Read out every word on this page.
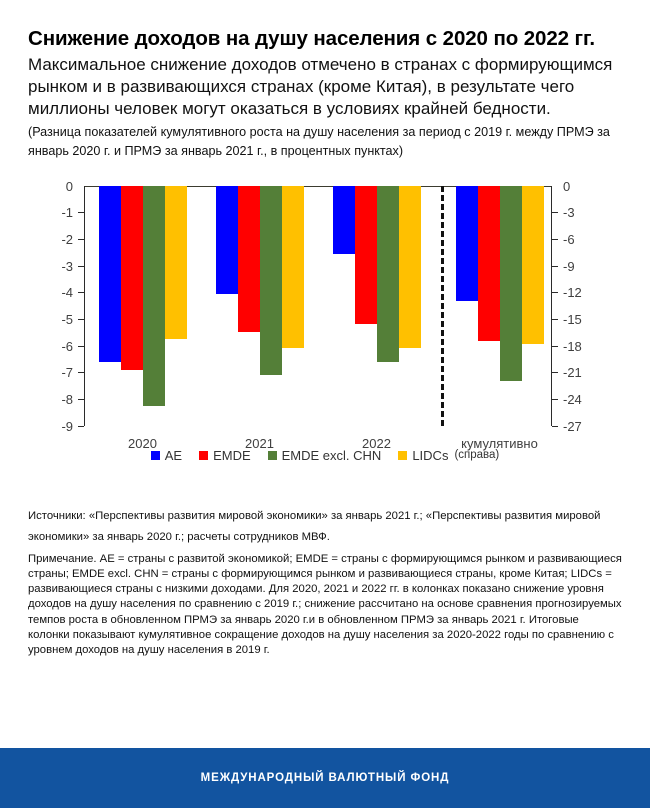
Снижение доходов на душу населения с 2020 по 2022 гг.

Максимальное снижение доходов отмечено в странах с формирующимся рынком и в развивающихся странах (кроме Китая), в результате чего миллионы человек могут оказаться в условиях крайней бедности.

(Разница показателей кумулятивного роста на душу населения за период с 2019 г. между ПРМЭ за январь 2020 г. и ПРМЭ за январь 2021 г., в процентных пунктах)

0
-1
-2
-3
-4
-5
-6
-7
-8
-9
0
-3
-6
-9
-12
-15
-18
-21
-24
-27
2020	2021	2022	кумулятивно
AE EMDE EMDE excl. CHN LIDCs (справа)

Источники: «Перспективы развития мировой экономики» за январь 2021 г.; «Перспективы развития мировой экономики» за январь 2020 г.; расчеты сотрудников МВФ.

Примечание. AE = страны с развитой экономикой; EMDE = страны с формирующимся рынком и развивающиеся страны; EMDE excl. CHN = страны с формирующимся рынком и развивающиеся страны, кроме Китая; LIDCs = развивающиеся страны с низкими доходами. Для 2020, 2021 и 2022 гг. в колонках показано снижение уровня доходов на душу населения по сравнению с 2019 г.; снижение рассчитано на основе сравнения прогнозируемых темпов роста в обновленном ПРМЭ за январь 2020 г.и в обновленном ПРМЭ за январь 2021 г. Итоговые колонки показывают кумулятивное сокращение доходов на душу населения за 2020-2022 годы по сравнению с уровнем доходов на душу населения в 2019 г.

МЕЖДУНАРОДНЫЙ ВАЛЮТНЫЙ ФОНД
